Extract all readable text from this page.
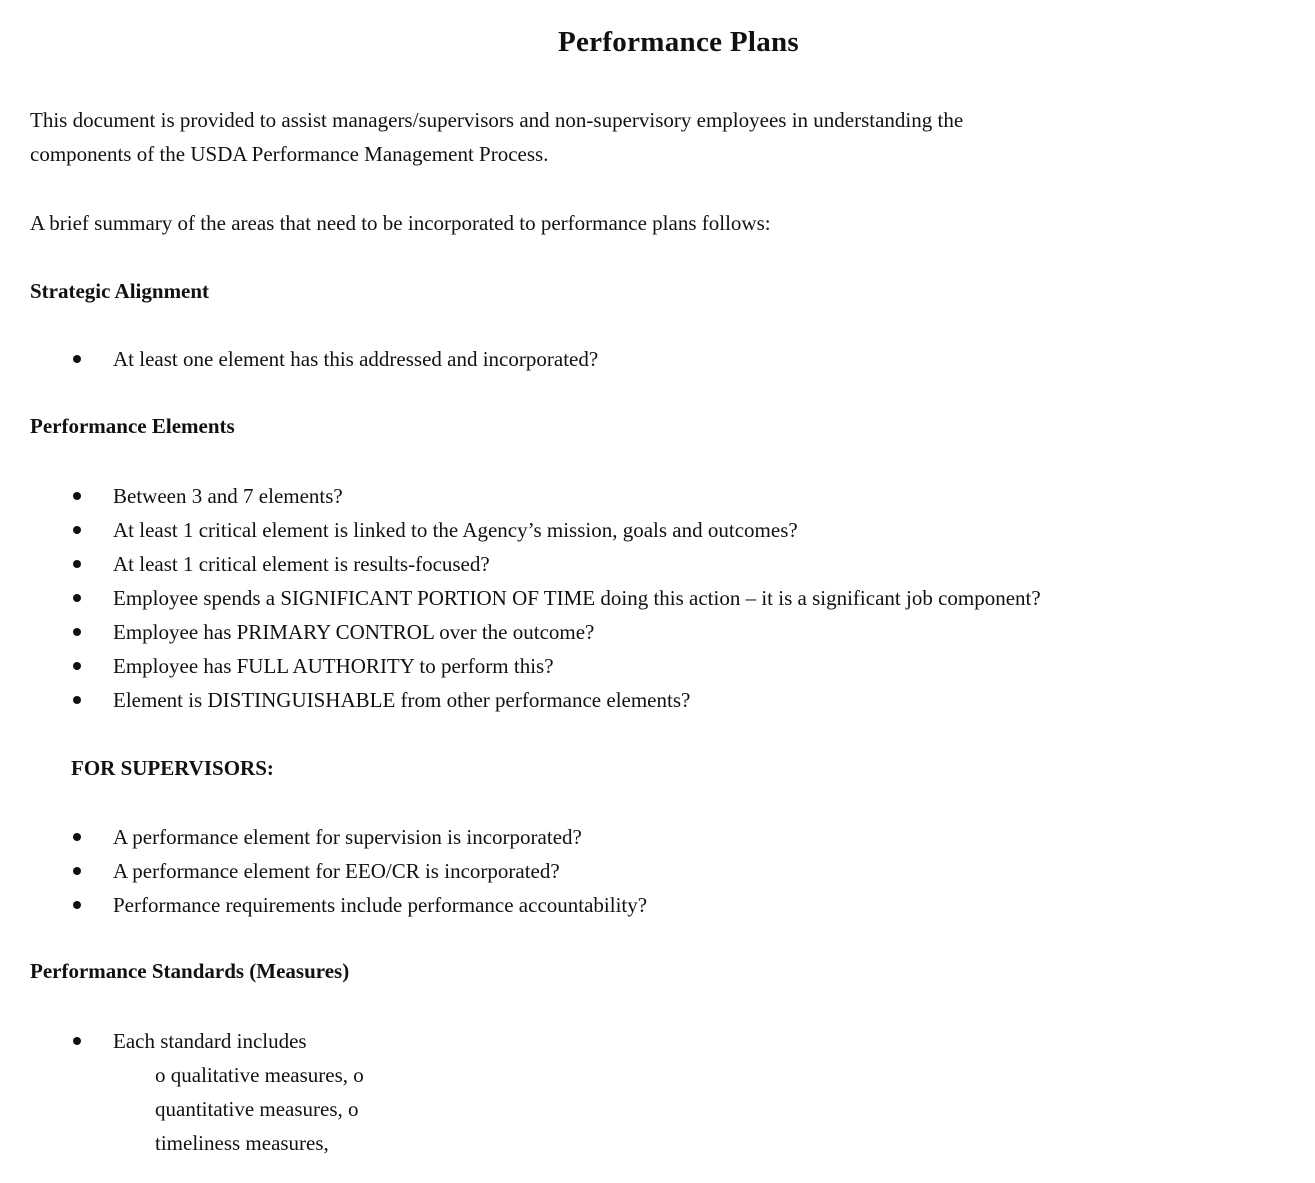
Performance Plans
This document is provided to assist managers/supervisors and non-supervisory employees in understanding the
components of the USDA Performance Management Process.
A brief summary of the areas that need to be incorporated to performance plans follows:
Strategic Alignment
At least one element has this addressed and incorporated?
Performance Elements
Between 3 and 7 elements?
At least 1 critical element is linked to the Agency’s mission, goals and outcomes?
At least 1 critical element is results-focused?
Employee spends a SIGNIFICANT PORTION OF TIME doing this action – it is a significant job component?
Employee has PRIMARY CONTROL over the outcome?
Employee has FULL AUTHORITY to perform this?
Element is DISTINGUISHABLE from other performance elements?
FOR SUPERVISORS:
A performance element for supervision is incorporated?
A performance element for EEO/CR is incorporated?
Performance requirements include performance accountability?
Performance Standards (Measures)
Each standard includes
o qualitative measures, o
quantitative measures, o
timeliness measures,
